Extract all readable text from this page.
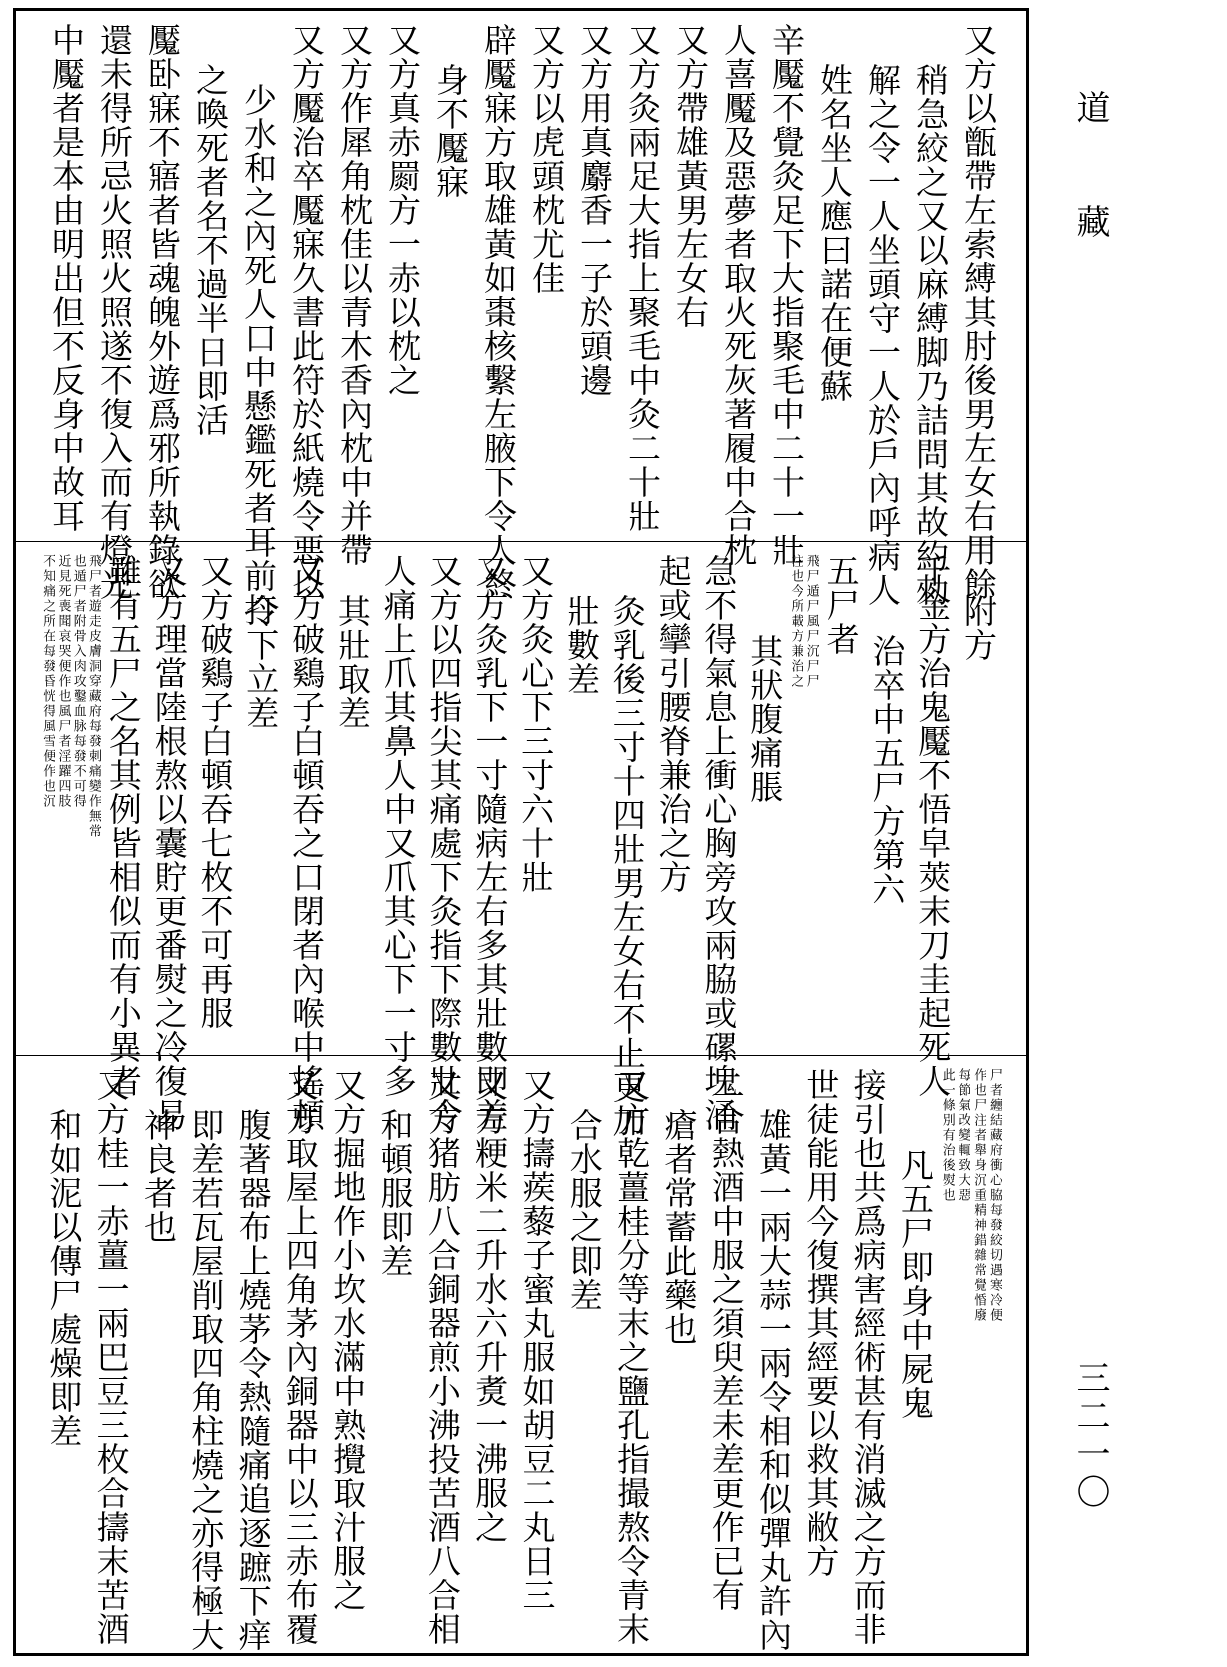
又方以甑帶左索縛其肘後男左女右用餘
稍急絞之又以麻縛脚乃詰問其故約勑
解之令一人坐頭守一人於戶內呼病人
姓名坐人應曰諾在便蘇
辛魘不覺灸足下大指聚毛中二十一壯
人喜魘及惡夢者取火死灰著履中合枕
又方帶雄黃男左女右
又方灸兩足大指上聚毛中灸二十壯
又方用真麝香一子於頭邊
又方以虎頭枕尤佳
辟魘寐方取雄黃如棗核繫左腋下令人終
身不魘寐
又方真赤罽方一赤以枕之
又方作犀角枕佳以青木香內枕中并帶
又方魘治卒魘寐久書此符於紙燒令悪以
少水和之內死人口中懸鑑死者耳前打
之喚死者名不過半日即活
魘卧寐不寤者皆魂魄外遊爲邪所執錄欲
還未得所忌火照火照遂不復入而有燈光
中魘者是本由明出但不反身中故耳
附方
千金方治鬼魘不悟皁莢末刀圭起死人
治卒中五尸方第六
五尸者
飛尸遁尸風尸沉尸尸
注也今所載方兼治之
其狀腹痛脹
急不得氣息上衝心胸旁攻兩脇或磥塊涌
起或攣引腰脊兼治之方
灸乳後三寸十四壯男左女右不止更加
壯數差
又方灸心下三寸六十壯
又方灸乳下一寸隨病左右多其壯數即差
又方以四指尖其痛處下灸指下際數壯令
人痛上爪其鼻人中又爪其心下一寸多
其壯取差
又方破鷄子白頓吞之口閉者內喉中搖頓
令下立差
又方破鷄子白頓吞七枚不可再服
又方理當陸根熬以囊貯更番熨之冷復易
雖有五尸之名其例皆相似而有小異者
飛尸者遊走皮膚洞穿藏府每發刺痛變作無常
也遁尸者附骨入肉攻鑿血脉每發不可得
近見死喪聞哀哭便作也風尸者淫躍四肢
不知痛之所在每發昏恍得風雪便作也沉
尸者纏結藏府衝心脇每發絞切遇寒冷便
作也尸注者舉身沉重精神錯雜常覺惛廢
每節氣改變輒致大惡
此一條別有治後熨也
凡五尸即身中屍鬼
接引也共爲病害經術甚有消滅之方而非
世徒能用今復撰其經要以救其敝方
雄黃一兩大蒜一兩令相和似彈丸許內
二合熱酒中服之須臾差未差更作已有
瘡者常蓄此藥也
又方乾薑桂分等末之鹽孔指撮熬令青末
合水服之即差
又方擣蒺藜子蜜丸服如胡豆二丸日三
又方粳米二升水六升煑一沸服之
又方猪肪八合銅器煎小沸投苦酒八合相
和頓服即差
又方掘地作小坎水滿中熟攪取汁服之
又方取屋上四角茅內銅器中以三赤布覆
腹著器布上燒茅令熱隨痛追逐蹠下痒
即差若瓦屋削取四角柱燒之亦得極大
神良者也
又方桂一赤薑一兩巴豆三枚合擣末苦酒
和如泥以傳尸處燥即差
道藏
三二一〇
